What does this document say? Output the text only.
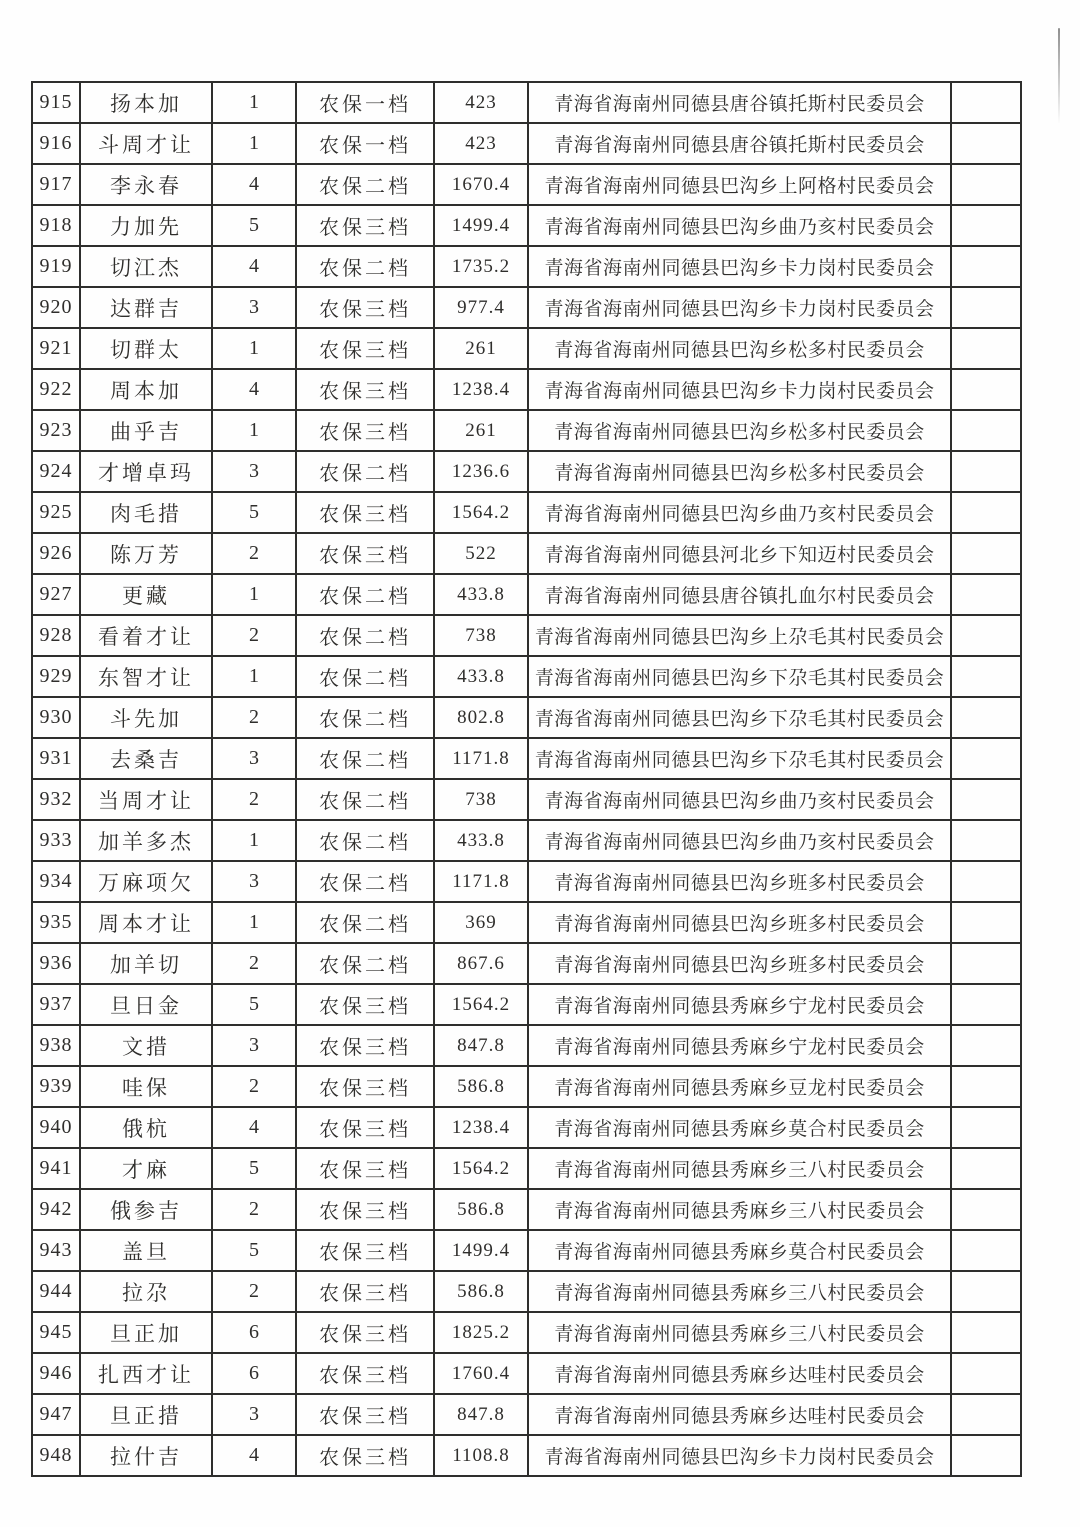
915	扬本加	1	农保一档	423	青海省海南州同德县唐谷镇托斯村民委员会	
916	斗周才让	1	农保一档	423	青海省海南州同德县唐谷镇托斯村民委员会	
917	李永春	4	农保二档	1670.4	青海省海南州同德县巴沟乡上阿格村民委员会	
918	力加先	5	农保三档	1499.4	青海省海南州同德县巴沟乡曲乃亥村民委员会	
919	切江杰	4	农保二档	1735.2	青海省海南州同德县巴沟乡卡力岗村民委员会	
920	达群吉	3	农保三档	977.4	青海省海南州同德县巴沟乡卡力岗村民委员会	
921	切群太	1	农保三档	261	青海省海南州同德县巴沟乡松多村民委员会	
922	周本加	4	农保三档	1238.4	青海省海南州同德县巴沟乡卡力岗村民委员会	
923	曲乎吉	1	农保三档	261	青海省海南州同德县巴沟乡松多村民委员会	
924	才增卓玛	3	农保二档	1236.6	青海省海南州同德县巴沟乡松多村民委员会	
925	肉毛措	5	农保三档	1564.2	青海省海南州同德县巴沟乡曲乃亥村民委员会	
926	陈万芳	2	农保三档	522	青海省海南州同德县河北乡下知迈村民委员会	
927	更藏	1	农保二档	433.8	青海省海南州同德县唐谷镇扎血尔村民委员会	
928	看着才让	2	农保二档	738	青海省海南州同德县巴沟乡上尕毛其村民委员会	
929	东智才让	1	农保二档	433.8	青海省海南州同德县巴沟乡下尕毛其村民委员会	
930	斗先加	2	农保二档	802.8	青海省海南州同德县巴沟乡下尕毛其村民委员会	
931	去桑吉	3	农保二档	1171.8	青海省海南州同德县巴沟乡下尕毛其村民委员会	
932	当周才让	2	农保二档	738	青海省海南州同德县巴沟乡曲乃亥村民委员会	
933	加羊多杰	1	农保二档	433.8	青海省海南州同德县巴沟乡曲乃亥村民委员会	
934	万麻项欠	3	农保二档	1171.8	青海省海南州同德县巴沟乡班多村民委员会	
935	周本才让	1	农保二档	369	青海省海南州同德县巴沟乡班多村民委员会	
936	加羊切	2	农保二档	867.6	青海省海南州同德县巴沟乡班多村民委员会	
937	旦日金	5	农保三档	1564.2	青海省海南州同德县秀麻乡宁龙村民委员会	
938	文措	3	农保三档	847.8	青海省海南州同德县秀麻乡宁龙村民委员会	
939	哇保	2	农保三档	586.8	青海省海南州同德县秀麻乡豆龙村民委员会	
940	俄杭	4	农保三档	1238.4	青海省海南州同德县秀麻乡莫合村民委员会	
941	才麻	5	农保三档	1564.2	青海省海南州同德县秀麻乡三八村民委员会	
942	俄参吉	2	农保三档	586.8	青海省海南州同德县秀麻乡三八村民委员会	
943	盖旦	5	农保三档	1499.4	青海省海南州同德县秀麻乡莫合村民委员会	
944	拉尕	2	农保三档	586.8	青海省海南州同德县秀麻乡三八村民委员会	
945	旦正加	6	农保三档	1825.2	青海省海南州同德县秀麻乡三八村民委员会	
946	扎西才让	6	农保三档	1760.4	青海省海南州同德县秀麻乡达哇村民委员会	
947	旦正措	3	农保三档	847.8	青海省海南州同德县秀麻乡达哇村民委员会	
948	拉什吉	4	农保三档	1108.8	青海省海南州同德县巴沟乡卡力岗村民委员会	
